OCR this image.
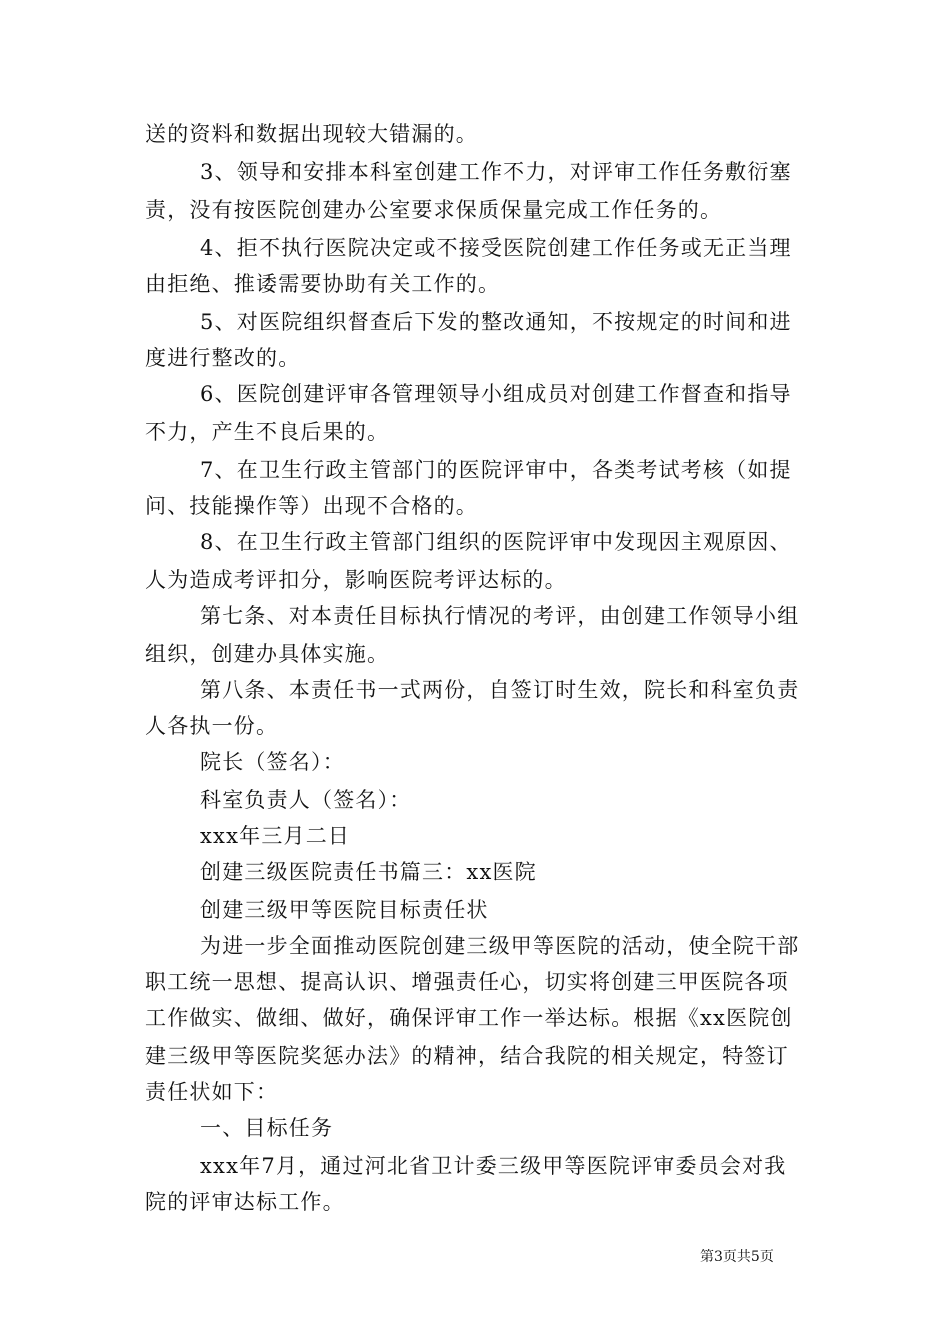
送的资料和数据出现较大错漏的。
3、领导和安排本科室创建工作不力，对评审工作任务敷衍塞
责，没有按医院创建办公室要求保质保量完成工作任务的。
4、拒不执行医院决定或不接受医院创建工作任务或无正当理
由拒绝、推诿需要协助有关工作的。
5、对医院组织督查后下发的整改通知，不按规定的时间和进
度进行整改的。
6、医院创建评审各管理领导小组成员对创建工作督查和指导
不力，产生不良后果的。
7、在卫生行政主管部门的医院评审中，各类考试考核（如提
问、技能操作等）出现不合格的。
8、在卫生行政主管部门组织的医院评审中发现因主观原因、
人为造成考评扣分，影响医院考评达标的。
第七条、对本责任目标执行情况的考评，由创建工作领导小组
组织，创建办具体实施。
第八条、本责任书一式两份，自签订时生效，院长和科室负责
人各执一份。
院长（签名）：
科室负责人（签名）：
xxx年三月二日
创建三级医院责任书篇三：xx医院
创建三级甲等医院目标责任状
为进一步全面推动医院创建三级甲等医院的活动，使全院干部
职工统一思想、提高认识、增强责任心，切实将创建三甲医院各项
工作做实、做细、做好，确保评审工作一举达标。根据《xx医院创
建三级甲等医院奖惩办法》的精神，结合我院的相关规定，特签订
责任状如下：
一、目标任务
xxx年7月，通过河北省卫计委三级甲等医院评审委员会对我
院的评审达标工作。
第3页共5页
